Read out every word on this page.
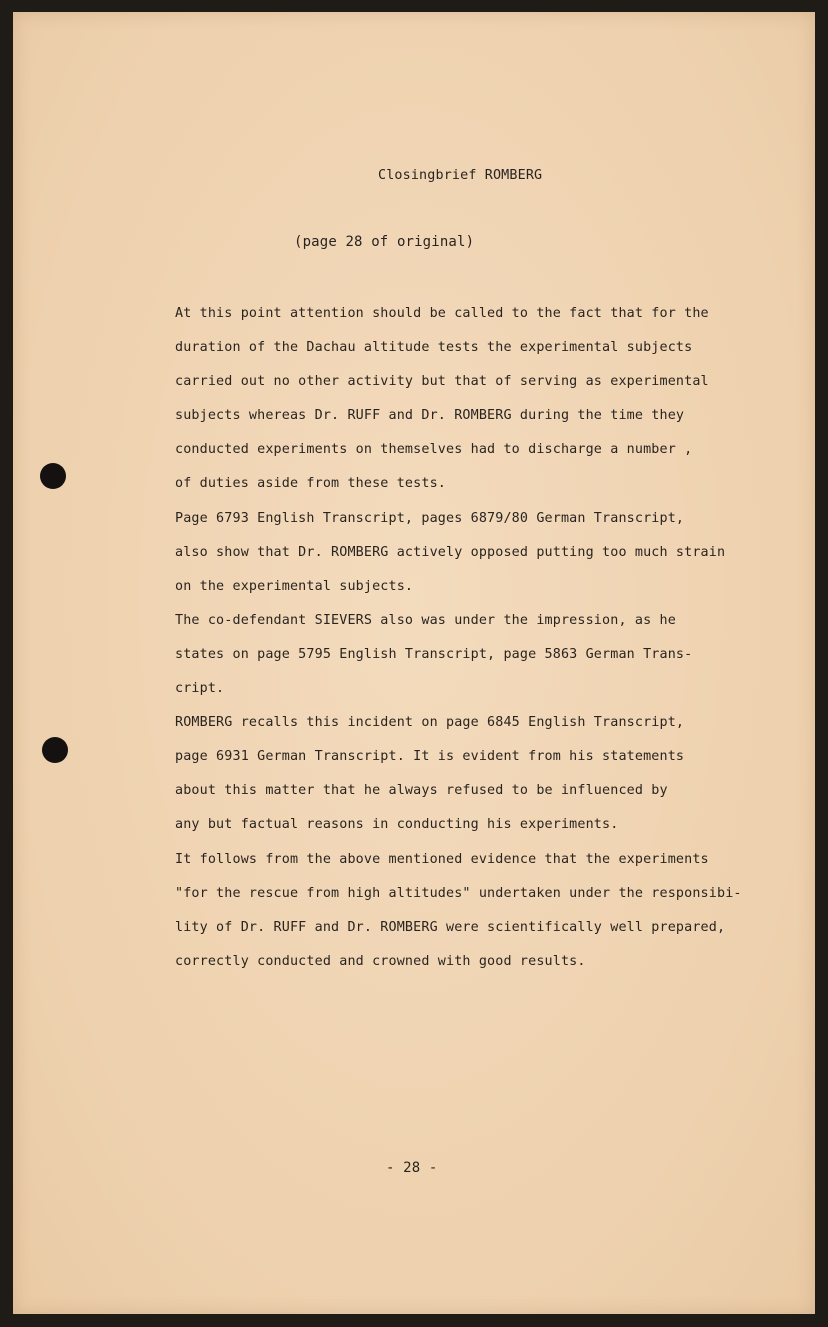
Closingbrief ROMBERG
(page 28 of original)
At this point attention should be called to the fact that for the
duration of the Dachau altitude tests the experimental subjects
carried out no other activity but that of serving as experimental
subjects whereas Dr. RUFF and Dr. ROMBERG during the time they
conducted experiments on themselves had to discharge a number ,
of duties aside from these tests.
Page 6793 English Transcript, pages 6879/80 German Transcript,
also show that Dr. ROMBERG actively opposed putting too much strain
on the experimental subjects.
The co-defendant SIEVERS also was under the impression, as he
states on page 5795 English Transcript, page 5863 German Trans-
cript.
ROMBERG recalls this incident on page 6845 English Transcript,
page 6931 German Transcript. It is evident from his statements
about this matter that he always refused to be influenced by
any but factual reasons in conducting his experiments.
It follows from the above mentioned evidence that the experiments
"for the rescue from high altitudes" undertaken under the responsibi-
lity of Dr. RUFF and Dr. ROMBERG were scientifically well prepared,
correctly conducted and crowned with good results.
- 28 -
